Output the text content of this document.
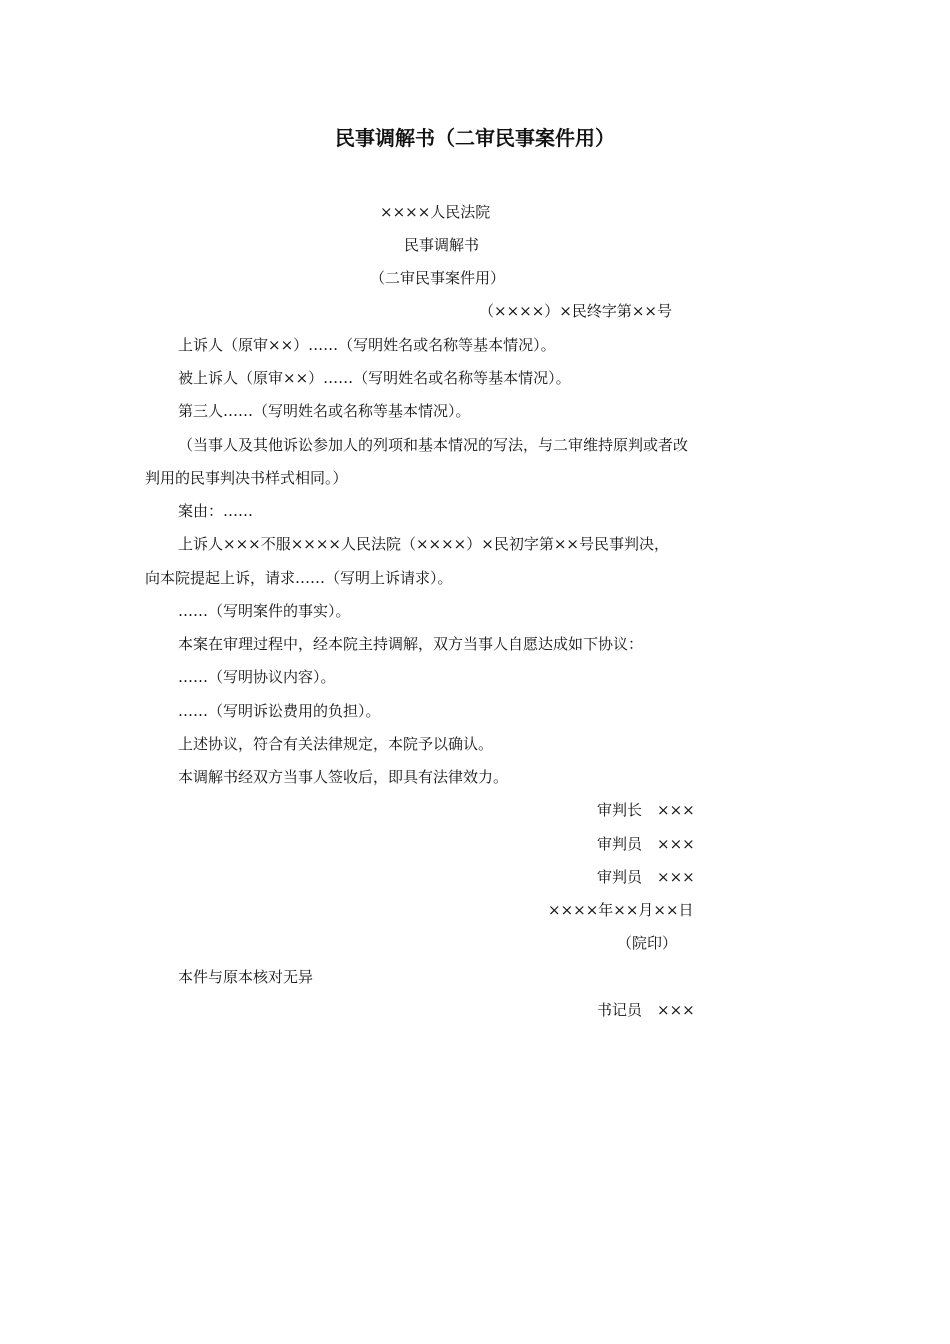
民事调解书（二审民事案件用）
××××人民法院
民事调解书
（二审民事案件用）
（××××）×民终字第××号
上诉人（原审××）……（写明姓名或名称等基本情况）。
被上诉人（原审××）……（写明姓名或名称等基本情况）。
第三人……（写明姓名或名称等基本情况）。
（当事人及其他诉讼参加人的列项和基本情况的写法，与二审维持原判或者改
判用的民事判决书样式相同。）
案由：……
上诉人×××不服××××人民法院（××××）×民初字第××号民事判决，
向本院提起上诉，请求……（写明上诉请求）。
……（写明案件的事实）。
本案在审理过程中，经本院主持调解，双方当事人自愿达成如下协议：
……（写明协议内容）。
……（写明诉讼费用的负担）。
上述协议，符合有关法律规定，本院予以确认。
本调解书经双方当事人签收后，即具有法律效力。
审判长　×××
审判员　×××
审判员　×××
××××年××月××日
（院印）
本件与原本核对无异
书记员　×××
